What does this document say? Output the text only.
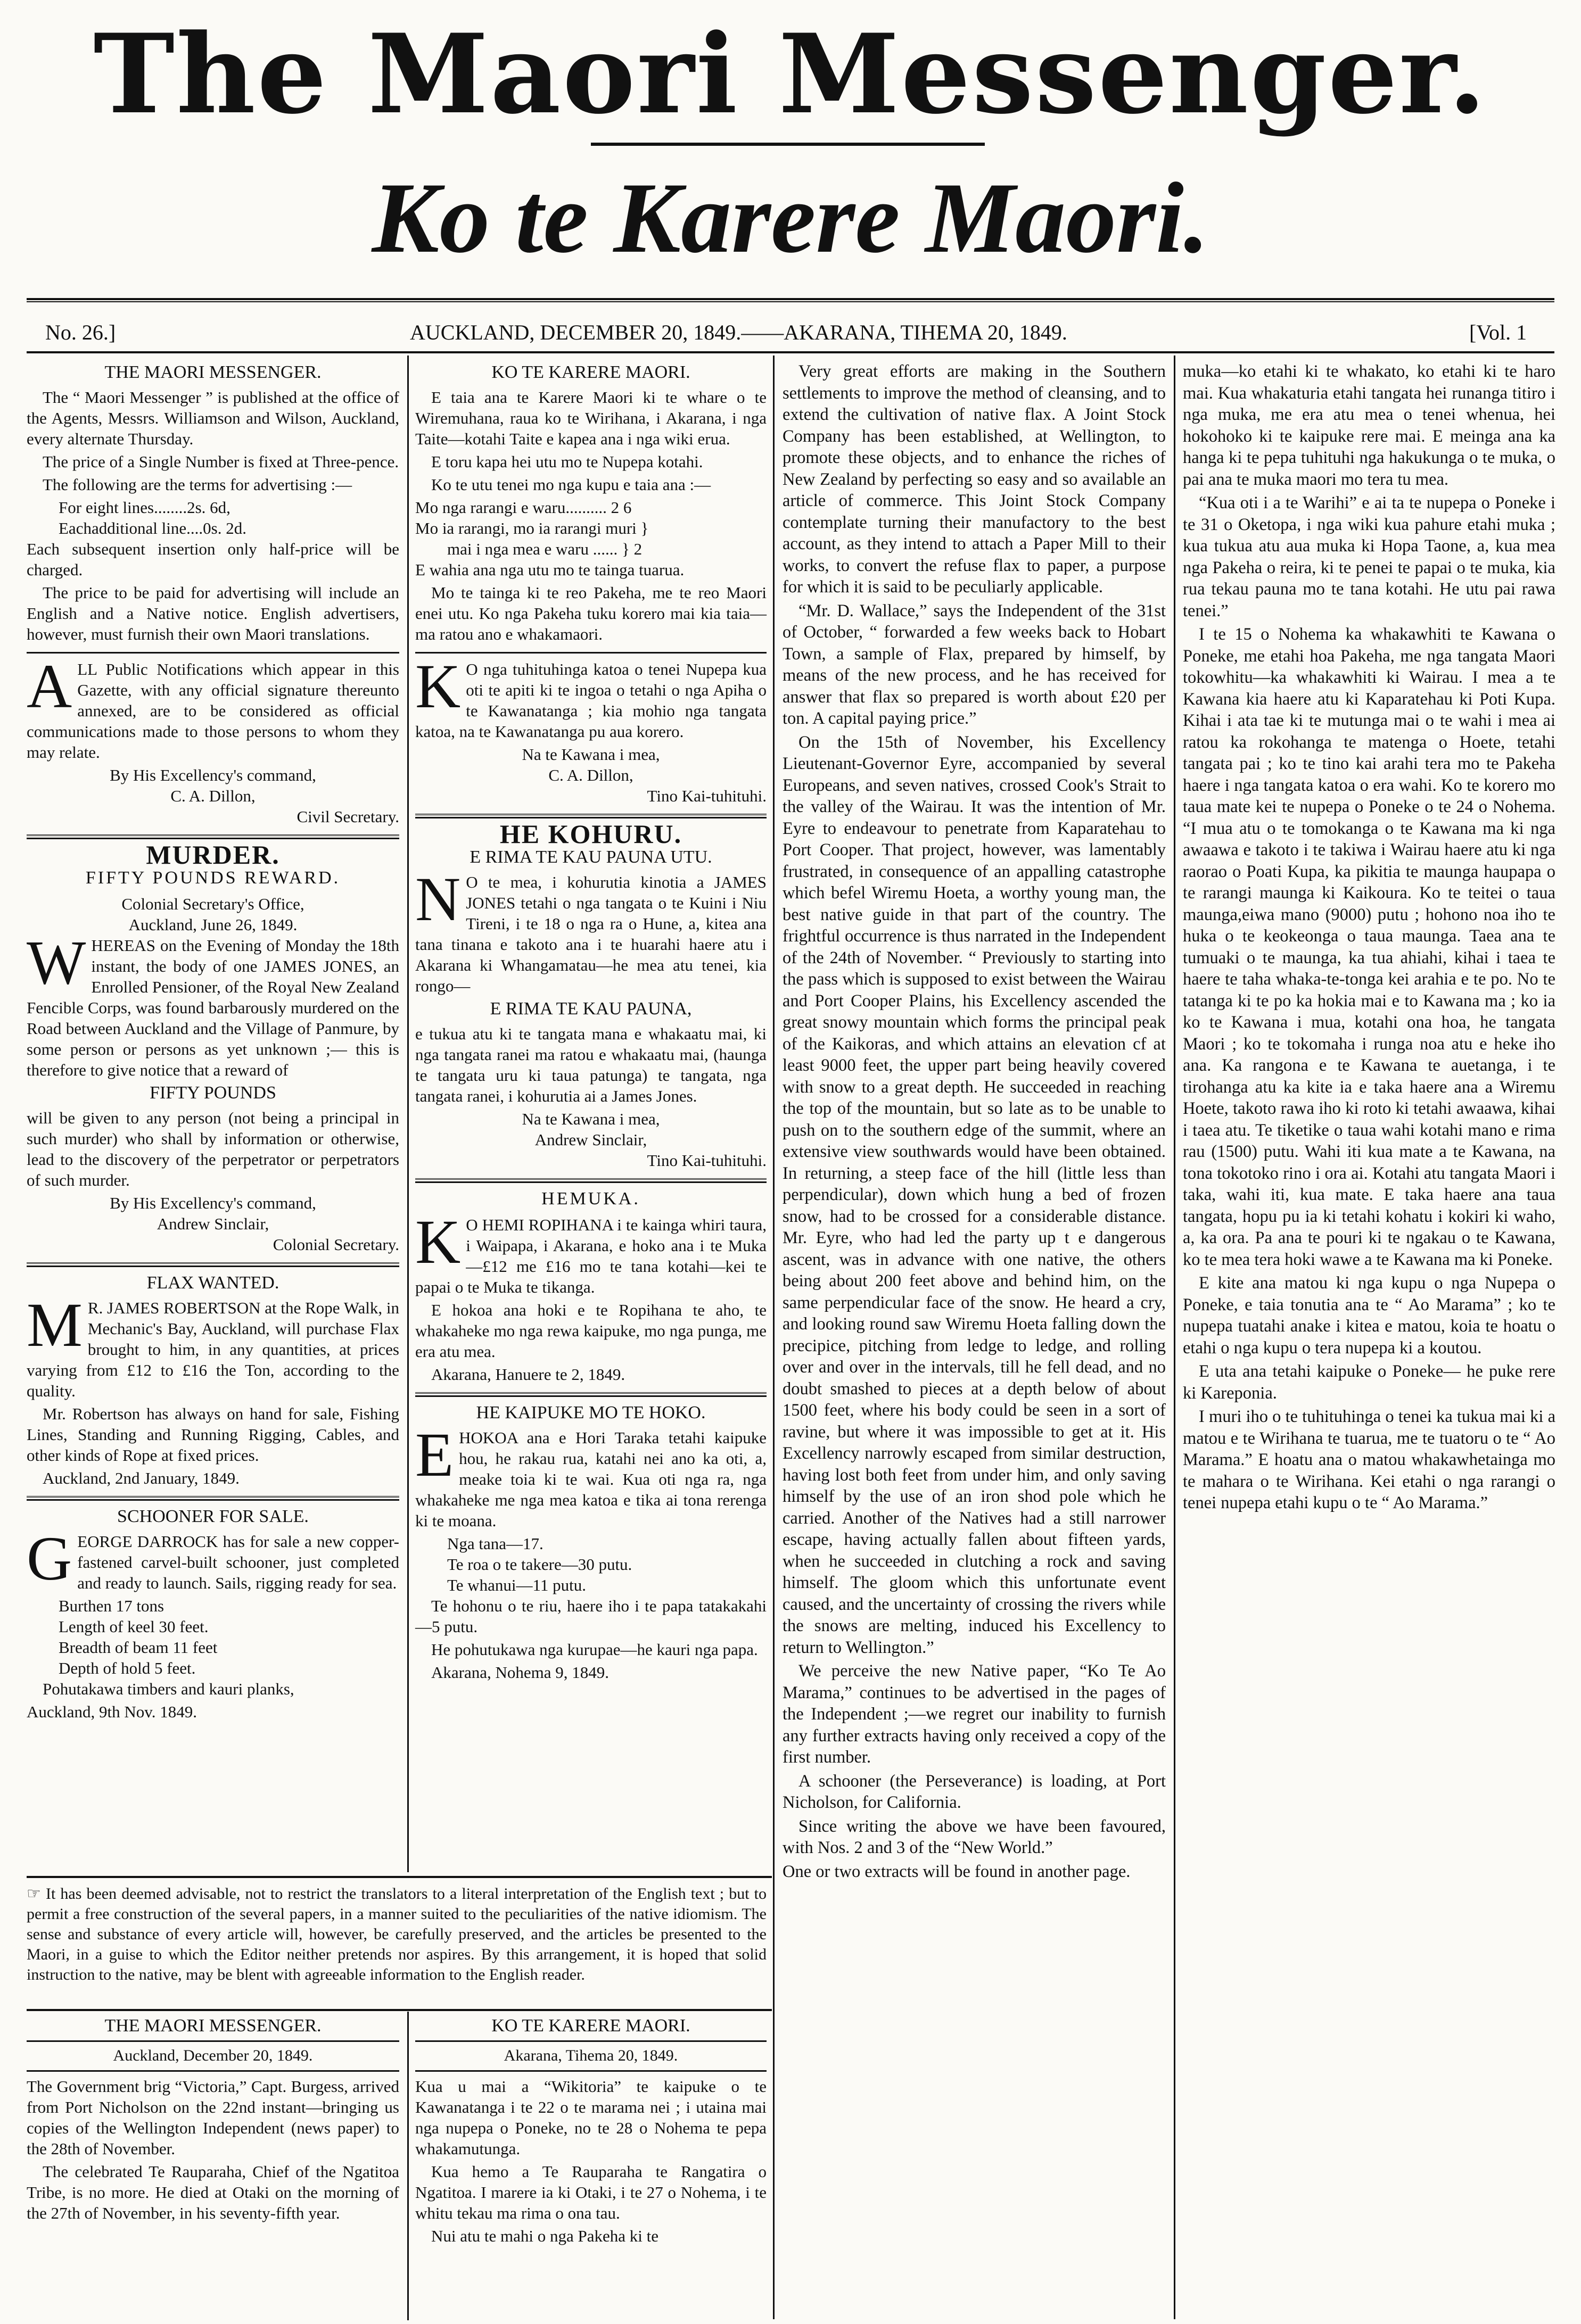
The Maori Messenger.
Ko te Karere Maori.
No. 26.]	AUCKLAND, DECEMBER 20, 1849.——AKARANA, TIHEMA 20, 1849.	[Vol. 1
THE MAORI MESSENGER.

The “ Maori Messenger ” is published at the office of the Agents, Messrs. Williamson and Wilson, Auckland, every alternate Thursday.

The price of a Single Number is fixed at Three-pence.

The following are the terms for advertising :—

For eight lines........2s. 6d,

Eachadditional line....0s. 2d.

Each subsequent insertion only half-price will be charged.

The price to be paid for advertising will include an English and a Native notice. English advertisers, however, must furnish their own Maori translations.

ALL Public Notifications which appear in this Gazette, with any official signature thereunto annexed, are to be considered as official communications made to those persons to whom they may relate.

By His Excellency's command,

C. A. Dillon,

Civil Secretary.

MURDER.
FIFTY POUNDS REWARD.

Colonial Secretary's Office,

Auckland, June 26, 1849.

WHEREAS on the Evening of Monday the 18th instant, the body of one JAMES JONES, an Enrolled Pensioner, of the Royal New Zealand Fencible Corps, was found barbarously murdered on the Road between Auckland and the Village of Panmure, by some person or persons as yet unknown ;— this is therefore to give notice that a reward of

FIFTY POUNDS

will be given to any person (not being a principal in such murder) who shall by information or otherwise, lead to the discovery of the perpetrator or perpetrators of such murder.

By His Excellency's command,

Andrew Sinclair,

Colonial Secretary.

FLAX WANTED.

M R. JAMES ROBERTSON at the Rope Walk, in Mechanic's Bay, Auckland, will purchase Flax brought to him, in any quantities, at prices varying from £12 to £16 the Ton, according to the quality.

Mr. Robertson has always on hand for sale, Fishing Lines, Standing and Running Rigging, Cables, and other kinds of Rope at fixed prices.

Auckland, 2nd January, 1849.

SCHOONER FOR SALE.

GEORGE DARROCK has for sale a new copper-fastened carvel-built schooner, just completed and ready to launch. Sails, rigging ready for sea.

Burthen 17 tons

Length of keel 30 feet.

Breadth of beam 11 feet

Depth of hold 5 feet.

Pohutakawa timbers and kauri planks,

Auckland, 9th Nov. 1849.

KO TE KARERE MAORI.

E taia ana te Karere Maori ki te whare o te Wiremuhana, raua ko te Wirihana, i Akarana, i nga Taite—kotahi Taite e kapea ana i nga wiki erua.

E toru kapa hei utu mo te Nupepa kotahi.

Ko te utu tenei mo nga kupu e taia ana :—

Mo nga rarangi e waru.......... 2 6

Mo ia rarangi, mo ia rarangi muri }

mai i nga mea e waru ...... } 2

E wahia ana nga utu mo te tainga tuarua.

Mo te tainga ki te reo Pakeha, me te reo Maori enei utu. Ko nga Pakeha tuku korero mai kia taia—ma ratou ano e whakamaori.

K O nga tuhituhinga katoa o tenei Nupepa kua oti te apiti ki te ingoa o tetahi o nga Apiha o te Kawanatanga ; kia mohio nga tangata katoa, na te Kawanatanga pu aua korero.

Na te Kawana i mea,

C. A. Dillon,

Tino Kai-tuhituhi.

HE KOHURU.
E RIMA TE KAU PAUNA UTU.

N O te mea, i kohurutia kinotia a JAMES JONES tetahi o nga tangata o te Kuini i Niu Tireni, i te 18 o nga ra o Hune, a, kitea ana tana tinana e takoto ana i te huarahi haere atu i Akarana ki Whangamatau—he mea atu tenei, kia rongo—

E RIMA TE KAU PAUNA,

e tukua atu ki te tangata mana e whakaatu mai, ki nga tangata ranei ma ratou e whakaatu mai, (haunga te tangata uru ki taua patunga) te tangata, nga tangata ranei, i kohurutia ai a James Jones.

Na te Kawana i mea,

Andrew Sinclair,

Tino Kai-tuhituhi.

HEMUKA.

K O HEMI ROPIHANA i te kainga whiri taura, i Waipapa, i Akarana, e hoko ana i te Muka—£12 me £16 mo te tana kotahi—kei te papai o te Muka te tikanga.

E hokoa ana hoki e te Ropihana te aho, te whakaheke mo nga rewa kaipuke, mo nga punga, me era atu mea.

Akarana, Hanuere te 2, 1849.

HE KAIPUKE MO TE HOKO.

EHOKOA ana e Hori Taraka tetahi kaipuke hou, he rakau rua, katahi nei ano ka oti, a, meake toia ki te wai. Kua oti nga ra, nga whakaheke me nga mea katoa e tika ai tona rerenga ki te moana.

Nga tana—17.

Te roa o te takere—30 putu.

Te whanui—11 putu.

Te hohonu o te riu, haere iho i te papa tatakakahi—5 putu.

He pohutukawa nga kurupae—he kauri nga papa.

Akarana, Nohema 9, 1849.

☞ It has been deemed advisable, not to restrict the translators to a literal interpretation of the English text ; but to permit a free construction of the several papers, in a manner suited to the peculiarities of the native idiomism. The sense and substance of every article will, however, be carefully preserved, and the articles be presented to the Maori, in a guise to which the Editor neither pretends nor aspires. By this arrangement, it is hoped that solid instruction to the native, may be blent with agreeable information to the English reader.
THE MAORI MESSENGER.
Auckland, December 20, 1849.

The Government brig “Victoria,” Capt. Burgess, arrived from Port Nicholson on the 22nd instant—bringing us copies of the Wellington Independent (news paper) to the 28th of November.

The celebrated Te Rauparaha, Chief of the Ngatitoa Tribe, is no more. He died at Otaki on the morning of the 27th of November, in his seventy-fifth year.

KO TE KARERE MAORI.
Akarana, Tihema 20, 1849.

Kua u mai a “Wikitoria” te kaipuke o te Kawanatanga i te 22 o te marama nei ; i utaina mai nga nupepa o Poneke, no te 28 o Nohema te pepa whakamutunga.

Kua hemo a Te Rauparaha te Rangatira o Ngatitoa. I marere ia ki Otaki, i te 27 o Nohema, i te whitu tekau ma rima o ona tau.

Nui atu te mahi o nga Pakeha ki te

Very great efforts are making in the Southern settlements to improve the method of cleansing, and to extend the cultivation of native flax. A Joint Stock Company has been established, at Wellington, to promote these objects, and to enhance the riches of New Zealand by perfecting so easy and so available an article of commerce. This Joint Stock Company contemplate turning their manufactory to the best account, as they intend to attach a Paper Mill to their works, to convert the refuse flax to paper, a purpose for which it is said to be peculiarly applicable.

“Mr. D. Wallace,” says the Independent of the 31st of October, “ forwarded a few weeks back to Hobart Town, a sample of Flax, prepared by himself, by means of the new process, and he has received for answer that flax so prepared is worth about £20 per ton. A capital paying price.”

On the 15th of November, his Excellency Lieutenant-Governor Eyre, accompanied by several Europeans, and seven natives, crossed Cook's Strait to the valley of the Wairau. It was the intention of Mr. Eyre to endeavour to penetrate from Kaparatehau to Port Cooper. That project, however, was lamentably frustrated, in consequence of an appalling catastrophe which befel Wiremu Hoeta, a worthy young man, the best native guide in that part of the country. The frightful occurrence is thus narrated in the Independent of the 24th of November. “ Previously to starting into the pass which is supposed to exist between the Wairau and Port Cooper Plains, his Excellency ascended the great snowy mountain which forms the principal peak of the Kaikoras, and which attains an elevation cf at least 9000 feet, the upper part being heavily covered with snow to a great depth. He succeeded in reaching the top of the mountain, but so late as to be unable to push on to the southern edge of the summit, where an extensive view southwards would have been obtained. In returning, a steep face of the hill (little less than perpendicular), down which hung a bed of frozen snow, had to be crossed for a considerable distance. Mr. Eyre, who had led the party up t e dangerous ascent, was in advance with one native, the others being about 200 feet above and behind him, on the same perpendicular face of the snow. He heard a cry, and looking round saw Wiremu Hoeta falling down the precipice, pitching from ledge to ledge, and rolling over and over in the intervals, till he fell dead, and no doubt smashed to pieces at a depth below of about 1500 feet, where his body could be seen in a sort of ravine, but where it was impossible to get at it. His Excellency narrowly escaped from similar destruction, having lost both feet from under him, and only saving himself by the use of an iron shod pole which he carried. Another of the Natives had a still narrower escape, having actually fallen about fifteen yards, when he succeeded in clutching a rock and saving himself. The gloom which this unfortunate event caused, and the uncertainty of crossing the rivers while the snows are melting, induced his Excellency to return to Wellington.”

We perceive the new Native paper, “Ko Te Ao Marama,” continues to be advertised in the pages of the Independent ;—we regret our inability to furnish any further extracts having only received a copy of the first number.

A schooner (the Perseverance) is loading, at Port Nicholson, for California.

Since writing the above we have been favoured, with Nos. 2 and 3 of the “New World.”

One or two extracts will be found in another page.

muka—ko etahi ki te whakato, ko etahi ki te haro mai. Kua whakaturia etahi tangata hei runanga titiro i nga muka, me era atu mea o tenei whenua, hei hokohoko ki te kaipuke rere mai. E meinga ana ka hanga ki te pepa tuhituhi nga hakukunga o te muka, o pai ana te muka maori mo tera tu mea.

“Kua oti i a te Warihi” e ai ta te nupepa o Poneke i te 31 o Oketopa, i nga wiki kua pahure etahi muka ; kua tukua atu aua muka ki Hopa Taone, a, kua mea nga Pakeha o reira, ki te penei te papai o te muka, kia rua tekau pauna mo te tana kotahi. He utu pai rawa tenei.”

I te 15 o Nohema ka whakawhiti te Kawana o Poneke, me etahi hoa Pakeha, me nga tangata Maori tokowhitu—ka whakawhiti ki Wairau. I mea a te Kawana kia haere atu ki Kaparatehau ki Poti Kupa. Kihai i ata tae ki te mutunga mai o te wahi i mea ai ratou ka rokohanga te matenga o Hoete, tetahi tangata pai ; ko te tino kai arahi tera mo te Pakeha haere i nga tangata katoa o era wahi. Ko te korero mo taua mate kei te nupepa o Poneke o te 24 o Nohema. “I mua atu o te tomokanga o te Kawana ma ki nga awaawa e takoto i te takiwa i Wairau haere atu ki nga raorao o Poati Kupa, ka pikitia te maunga haupapa o te rarangi maunga ki Kaikoura. Ko te teitei o taua maunga,eiwa mano (9000) putu ; hohono noa iho te huka o te keokeonga o taua maunga. Taea ana te tumuaki o te maunga, ka tua ahiahi, kihai i taea te haere te taha whaka-te-tonga kei arahia e te po. No te tatanga ki te po ka hokia mai e to Kawana ma ; ko ia ko te Kawana i mua, kotahi ona hoa, he tangata Maori ; ko te tokomaha i runga noa atu e heke iho ana. Ka rangona e te Kawana te auetanga, i te tirohanga atu ka kite ia e taka haere ana a Wiremu Hoete, takoto rawa iho ki roto ki tetahi awaawa, kihai i taea atu. Te tiketike o taua wahi kotahi mano e rima rau (1500) putu. Wahi iti kua mate a te Kawana, na tona tokotoko rino i ora ai. Kotahi atu tangata Maori i taka, wahi iti, kua mate. E taka haere ana taua tangata, hopu pu ia ki tetahi kohatu i kokiri ki waho, a, ka ora. Pa ana te pouri ki te ngakau o te Kawana, ko te mea tera hoki wawe a te Kawana ma ki Poneke.

E kite ana matou ki nga kupu o nga Nupepa o Poneke, e taia tonutia ana te “ Ao Marama” ; ko te nupepa tuatahi anake i kitea e matou, koia te hoatu o etahi o nga kupu o tera nupepa ki a koutou.

E uta ana tetahi kaipuke o Poneke— he puke rere ki Kareponia.

I muri iho o te tuhituhinga o tenei ka tukua mai ki a matou e te Wirihana te tuarua, me te tuatoru o te “ Ao Marama.” E hoatu ana o matou whakawhetainga mo te mahara o te Wirihana. Kei etahi o nga rarangi o tenei nupepa etahi kupu o te “ Ao Marama.”
